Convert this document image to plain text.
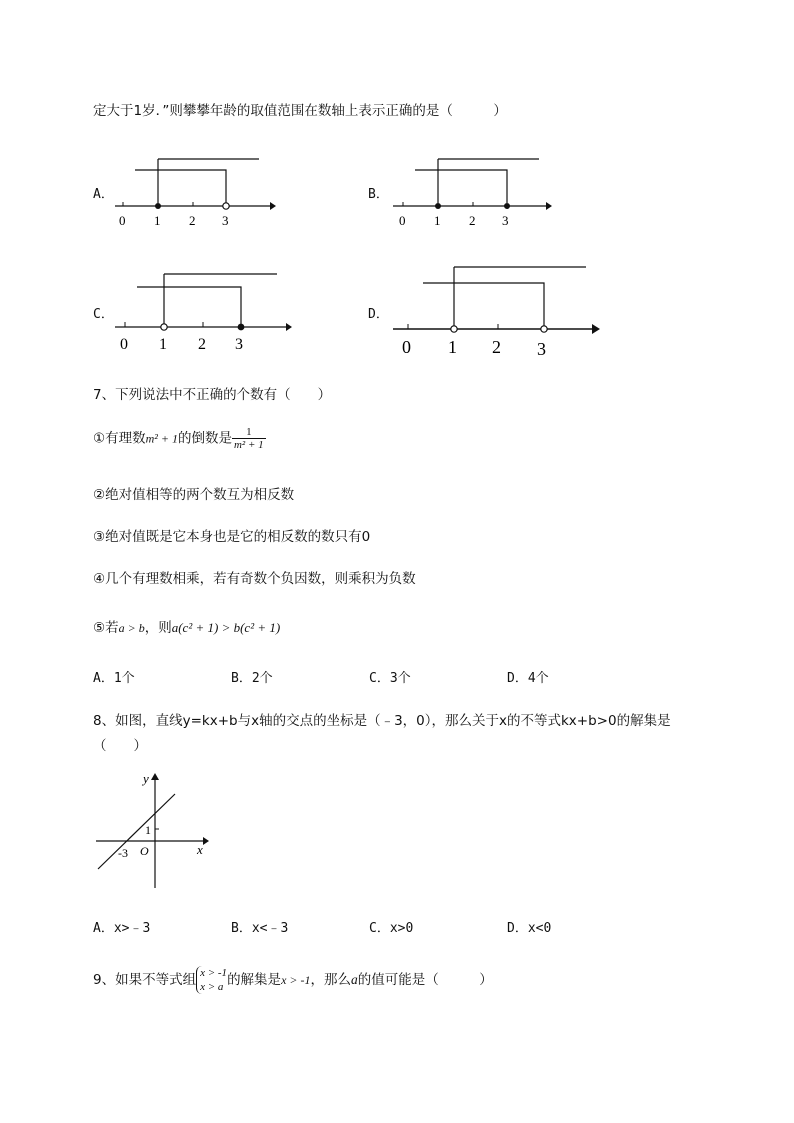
定大于1岁．”则攀攀年龄的取值范围在数轴上表示正确的是（　　　）
A．
0 1 2 3
B．
0 1 2 3
C．
0 1 2 3
D．
0 1 2 3
7、下列说法中不正确的个数有（　　）
①有理数m² + 1的倒数是 $\frac{1}{\text{m² + 1}}$
②绝对值相等的两个数互为相反数
③绝对值既是它本身也是它的相反数的数只有0
④几个有理数相乘，若有奇数个负因数，则乘积为负数
⑤若a > b，则a(c² + 1) > b(c² + 1)
A．1个	B．2个	C．3个	D．4个
8、如图，直线y=kx+b与x轴的交点的坐标是（﹣3，0），那么关于x的不等式kx+b>0的解集是
（　　）
y
x
O
-3
1
A．x>﹣3	B．x<﹣3	C．x>0	D．x<0
9、如果不等式组 x > -1
x > a 的解集是x > -1，那么a的值可能是（　　　）
